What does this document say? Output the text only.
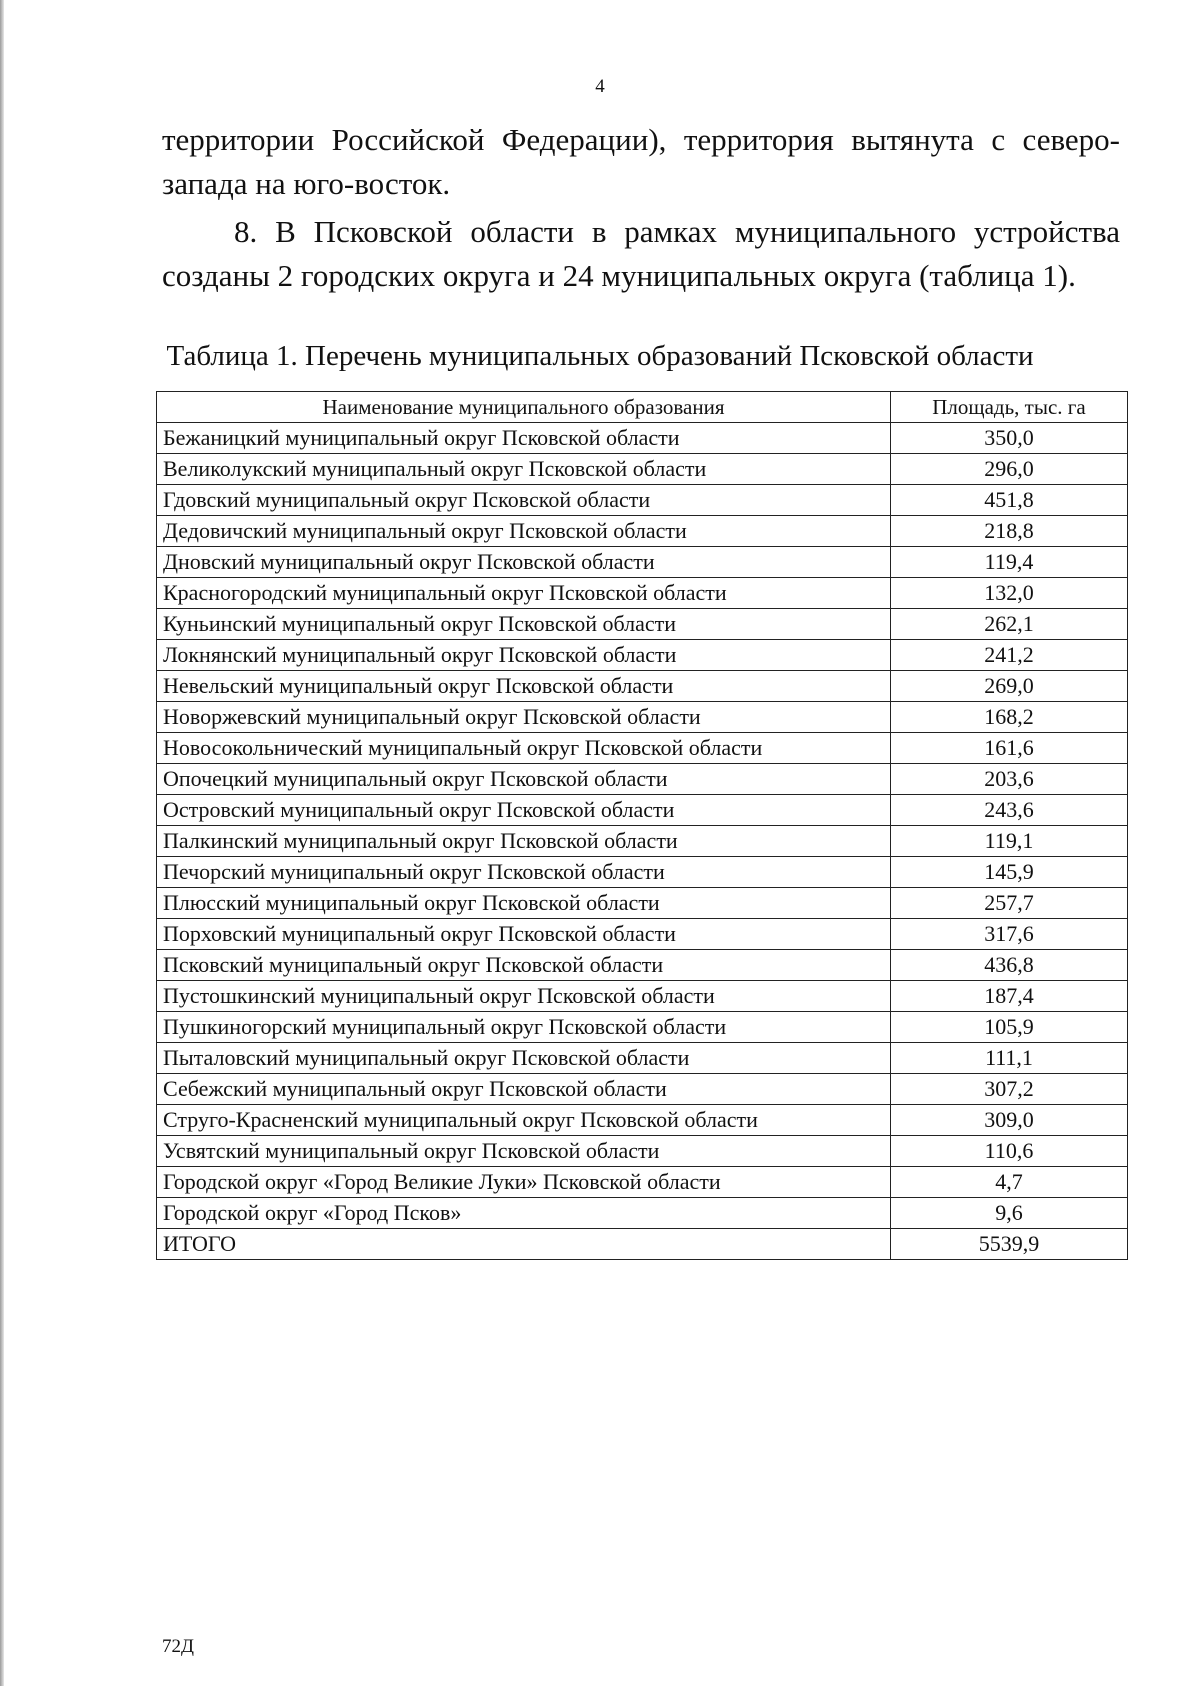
4
территории Российской Федерации), территория вытянута с северо-
запада на юго-восток.
8. В Псковской области в рамках муниципального устройства
созданы 2 городских округа и 24 муниципальных округа (таблица 1).
Таблица 1. Перечень муниципальных образований Псковской области
Наименование муниципального образования	Площадь, тыс. га
Бежаницкий муниципальный округ Псковской области	350,0
Великолукский муниципальный округ Псковской области	296,0
Гдовский муниципальный округ Псковской области	451,8
Дедовичский муниципальный округ Псковской области	218,8
Дновский муниципальный округ Псковской области	119,4
Красногородский муниципальный округ Псковской области	132,0
Куньинский муниципальный округ Псковской области	262,1
Локнянский муниципальный округ Псковской области	241,2
Невельский муниципальный округ Псковской области	269,0
Новоржевский муниципальный округ Псковской области	168,2
Новосокольнический муниципальный округ Псковской области	161,6
Опочецкий муниципальный округ Псковской области	203,6
Островский муниципальный округ Псковской области	243,6
Палкинский муниципальный округ Псковской области	119,1
Печорский муниципальный округ Псковской области	145,9
Плюсский муниципальный округ Псковской области	257,7
Порховский муниципальный округ Псковской области	317,6
Псковский муниципальный округ Псковской области	436,8
Пустошкинский муниципальный округ Псковской области	187,4
Пушкиногорский муниципальный округ Псковской области	105,9
Пыталовский муниципальный округ Псковской области	111,1
Себежский муниципальный округ Псковской области	307,2
Струго-Красненский муниципальный округ Псковской области	309,0
Усвятский муниципальный округ Псковской области	110,6
Городской округ «Город Великие Луки» Псковской области	4,7
Городской округ «Город Псков»	9,6
ИТОГО	5539,9
72Д
